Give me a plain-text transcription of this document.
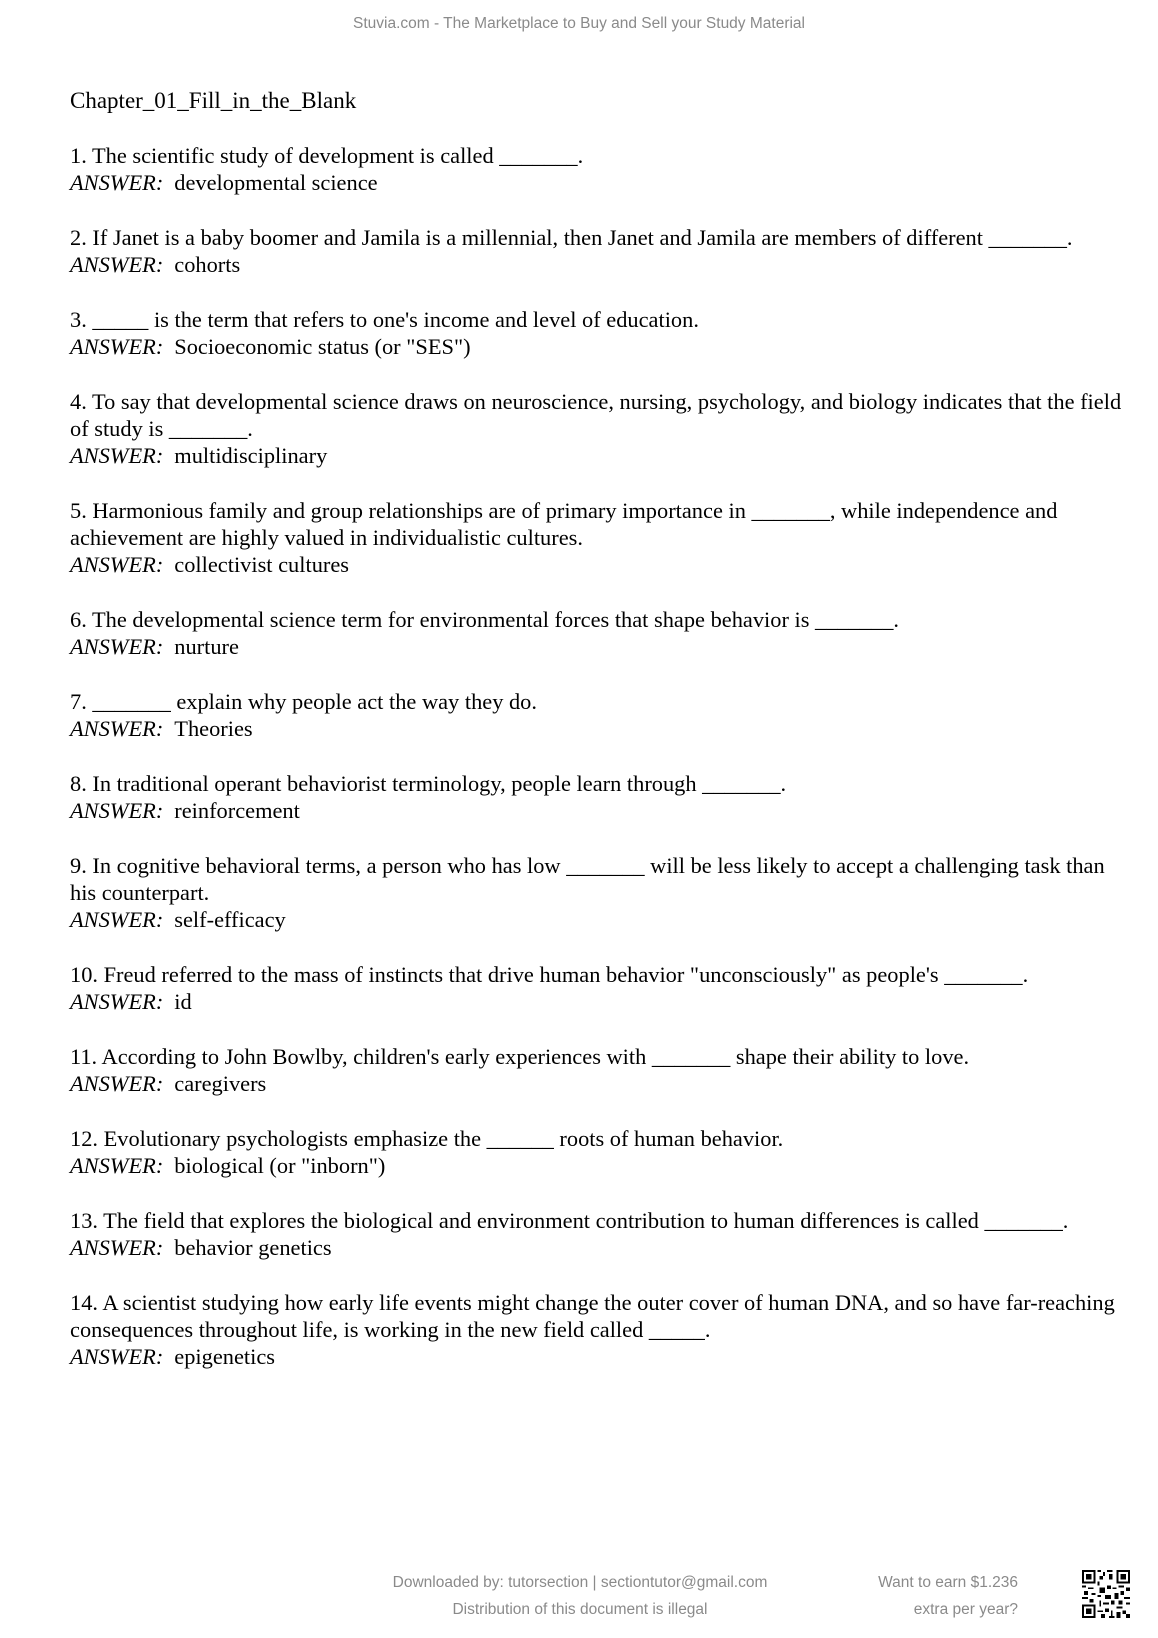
Stuvia.com - The Marketplace to Buy and Sell your Study Material
Chapter_01_Fill_in_the_Blank

1. The scientific study of development is called _______.

ANSWER: developmental science

2. If Janet is a baby boomer and Jamila is a millennial, then Janet and Jamila are members of different _______.

ANSWER: cohorts

3. _____ is the term that refers to one's income and level of education.

ANSWER: Socioeconomic status (or "SES")

4. To say that developmental science draws on neuroscience, nursing, psychology, and biology indicates that the field of study is _______.

ANSWER: multidisciplinary

5. Harmonious family and group relationships are of primary importance in _______, while independence and achievement are highly valued in individualistic cultures.

ANSWER: collectivist cultures

6. The developmental science term for environmental forces that shape behavior is _______.

ANSWER: nurture

7. _______ explain why people act the way they do.

ANSWER: Theories

8. In traditional operant behaviorist terminology, people learn through _______.

ANSWER: reinforcement

9. In cognitive behavioral terms, a person who has low _______ will be less likely to accept a challenging task than his counterpart.

ANSWER: self-efficacy

10. Freud referred to the mass of instincts that drive human behavior "unconsciously" as people's _______.

ANSWER: id

11. According to John Bowlby, children's early experiences with _______ shape their ability to love.

ANSWER: caregivers

12. Evolutionary psychologists emphasize the ______ roots of human behavior.

ANSWER: biological (or "inborn")

13. The field that explores the biological and environment contribution to human differences is called _______.

ANSWER: behavior genetics

14. A scientist studying how early life events might change the outer cover of human DNA, and so have far-reaching consequences throughout life, is working in the new field called _____.

ANSWER: epigenetics

Downloaded by: tutorsection | sectiontutor@gmail.com
Distribution of this document is illegal
Want to earn $1.236
extra per year?
